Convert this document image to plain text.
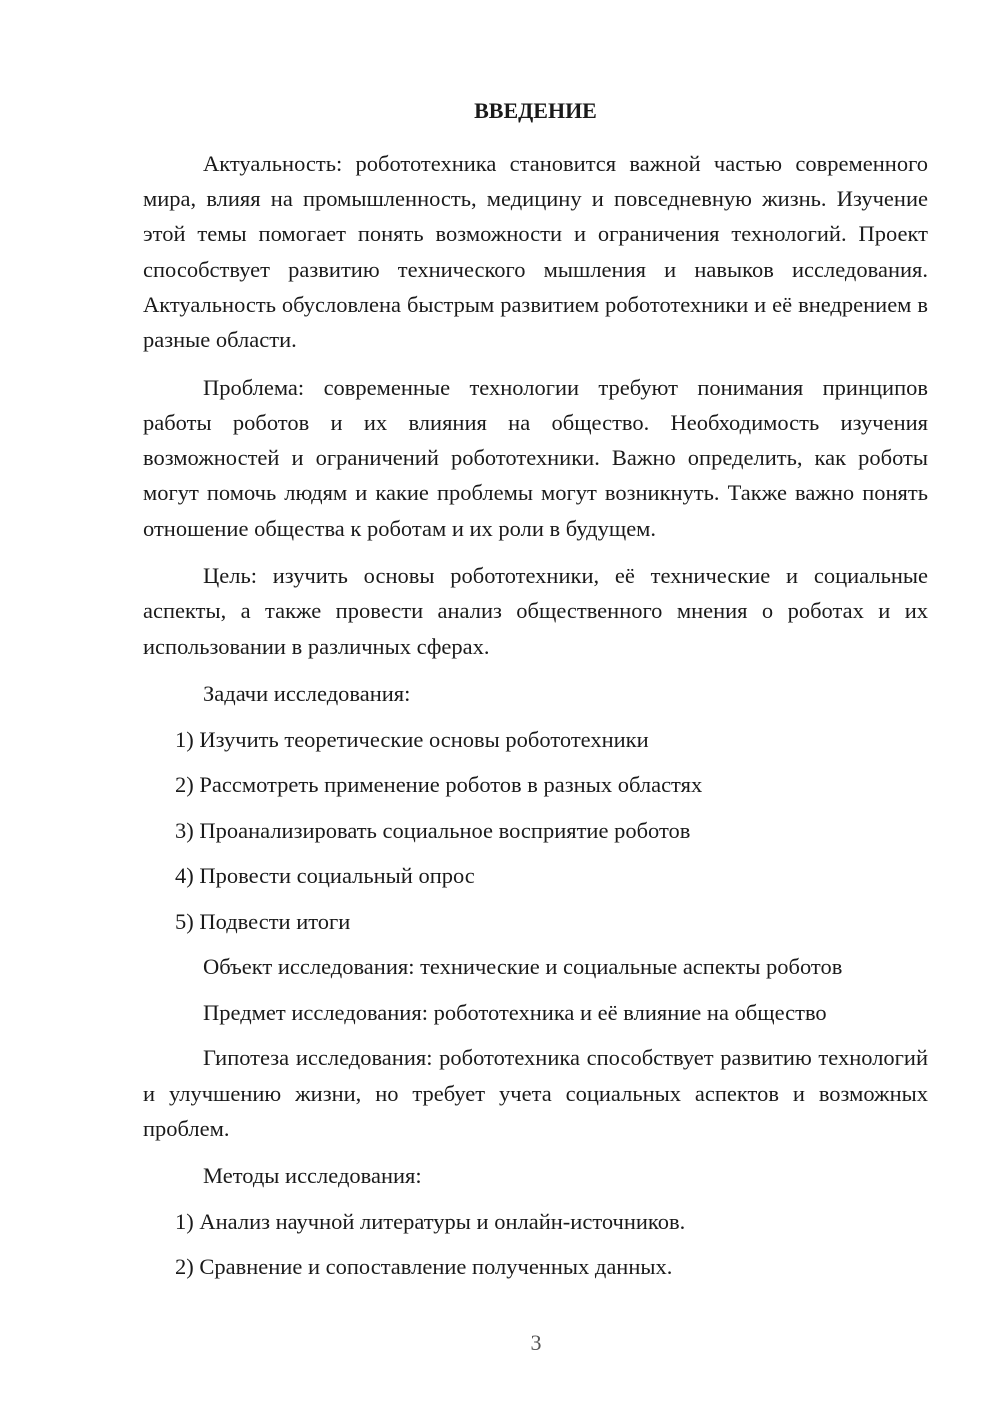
ВВЕДЕНИЕ

Актуальность: робототехника становится важной частью современного мира, влияя на промышленность, медицину и повседневную жизнь. Изучение этой темы помогает понять возможности и ограничения технологий. Проект способствует развитию технического мышления и навыков исследования. Актуальность обусловлена быстрым развитием робототехники и её внедрением в разные области.

Проблема: современные технологии требуют понимания принципов работы роботов и их влияния на общество. Необходимость изучения возможностей и ограничений робототехники. Важно определить, как роботы могут помочь людям и какие проблемы могут возникнуть. Также важно понять отношение общества к роботам и их роли в будущем.

Цель: изучить основы робототехники, её технические и социальные аспекты, а также провести анализ общественного мнения о роботах и их использовании в различных сферах.

Задачи исследования:
1) Изучить теоретические основы робототехники
2) Рассмотреть применение роботов в разных областях
3) Проанализировать социальное восприятие роботов
4) Провести социальный опрос
5) Подвести итоги
Объект исследования: технические и социальные аспекты роботов
Предмет исследования: робототехника и её влияние на общество

Гипотеза исследования: робототехника способствует развитию технологий и улучшению жизни, но требует учета социальных аспектов и возможных проблем.

Методы исследования:
1) Анализ научной литературы и онлайн-источников.
2) Сравнение и сопоставление полученных данных.
3
